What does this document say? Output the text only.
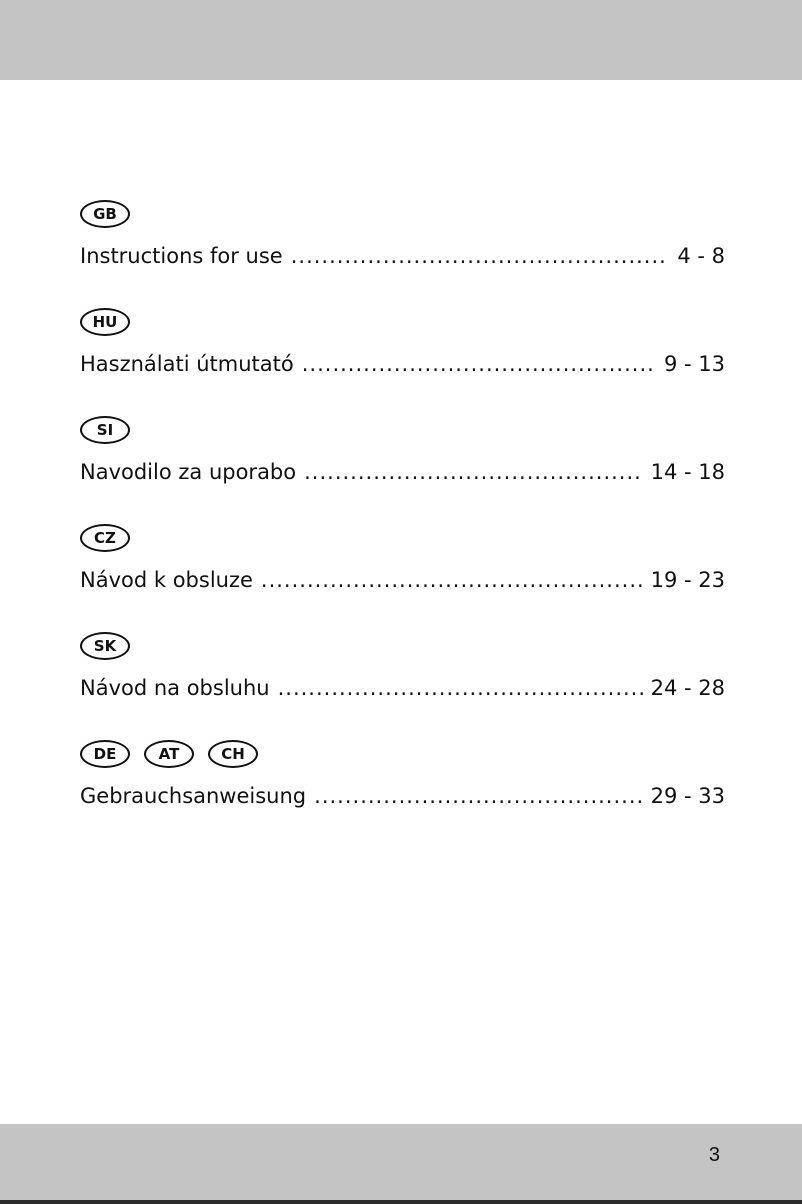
GB
Instructions for use .....	4 - 8
HU
Használati útmutató .....	9 - 13
SI
Navodilo za uporabo .....	14 - 18
CZ
Návod k obsluze .....	19 - 23
SK
Návod na obsluhu .....	24 - 28
DE	AT	CH
Gebrauchsanweisung .....	29 - 33
3
